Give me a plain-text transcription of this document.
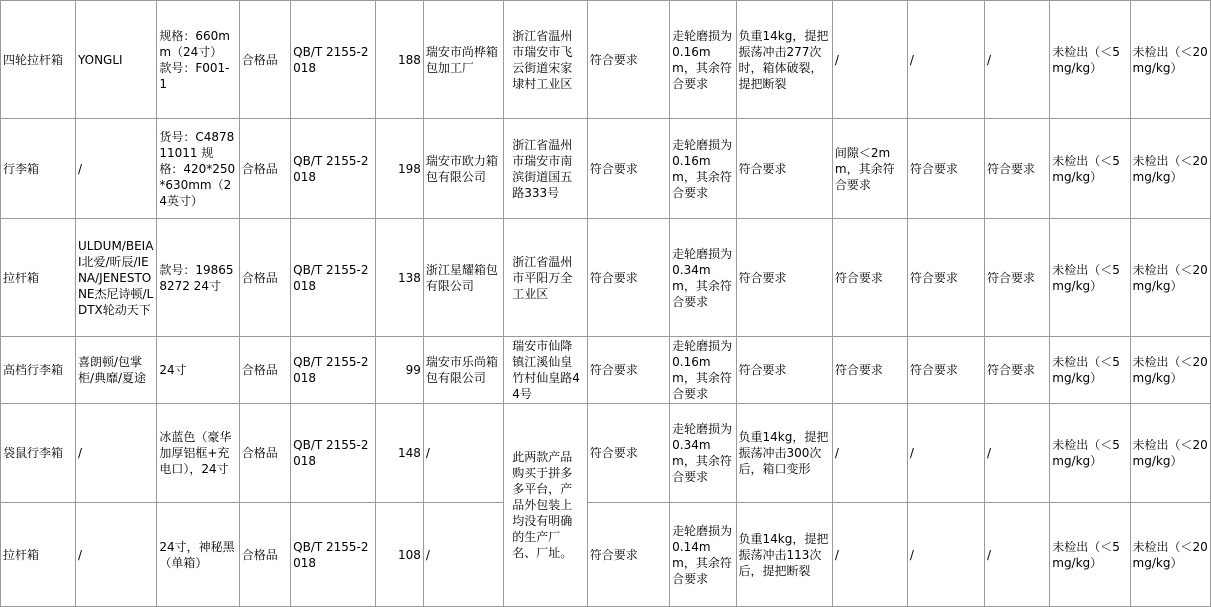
四轮拉杆箱	YONGLI	规格：660mm（24寸） 款号：F001-1	合格品	QB/T 2155-2018	188	瑞安市尚桦箱包加工厂	浙江省温州市瑞安市飞云街道宋家埭村工业区	符合要求	走轮磨损为0.16mm，其余符合要求	负重14kg，提把振荡冲击277次时，箱体破裂，提把断裂	/	/	/	未检出（＜5mg/kg）	未检出（＜20mg/kg）
行李箱	/	货号：C487811011 规格：420*250*630mm（24英寸）	合格品	QB/T 2155-2018	198	瑞安市欧力箱包有限公司	浙江省温州市瑞安市南滨街道国五路333号	符合要求	走轮磨损为0.16mm，其余符合要求	符合要求	间隙＜2mm，其余符合要求	符合要求	符合要求	未检出（＜5mg/kg）	未检出（＜20mg/kg）
拉杆箱	ULDUM/BEIAI北爱/昕辰/IENA/JENESTONE杰尼诗顿/LDTX轮动天下	款号：198658272 24寸	合格品	QB/T 2155-2018	138	浙江星耀箱包有限公司	浙江省温州市平阳万全工业区	符合要求	走轮磨损为0.34mm，其余符合要求	符合要求	符合要求	符合要求	符合要求	未检出（＜5mg/kg）	未检出（＜20mg/kg）
高档行李箱	喜朗顿/包掌柜/典靡/夏途	24寸	合格品	QB/T 2155-2018	99	瑞安市乐尚箱包有限公司	瑞安市仙降镇江溪仙皇竹村仙皇路44号	符合要求	走轮磨损为0.16mm，其余符合要求	符合要求	符合要求	符合要求	符合要求	未检出（＜5mg/kg）	未检出（＜20mg/kg）
袋鼠行李箱	/	冰蓝色（豪华加厚铝框+充电口），24寸	合格品	QB/T 2155-2018	148	/	此两款产品购买于拼多多平台，产品外包装上均没有明确的生产厂名、厂址。	符合要求	走轮磨损为0.34mm，其余符合要求	负重14kg，提把振荡冲击300次后，箱口变形	/	/	/	未检出（＜5mg/kg）	未检出（＜20mg/kg）
拉杆箱	/	24寸，神秘黑（单箱）	合格品	QB/T 2155-2018	108	/		符合要求	走轮磨损为0.14mm，其余符合要求	负重14kg，提把振荡冲击113次后，提把断裂	/	/	/	未检出（＜5mg/kg）	未检出（＜20mg/kg）
